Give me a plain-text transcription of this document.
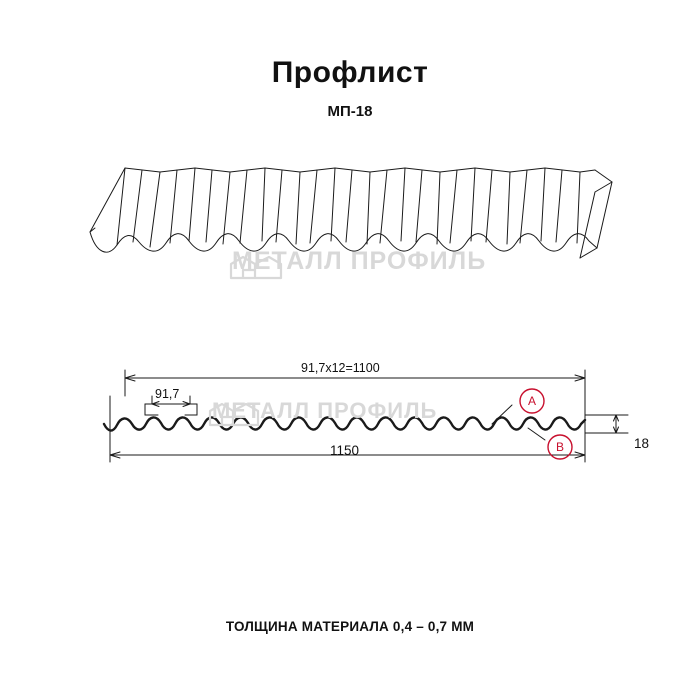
Профлист
МП-18
МЕТАЛЛ ПРОФИЛЬ
МЕТАЛЛ ПРОФИЛЬ
91,7x12=1100
91,7
1150	18
A
B
ТОЛЩИНА МАТЕРИАЛА 0,4 – 0,7 ММ
